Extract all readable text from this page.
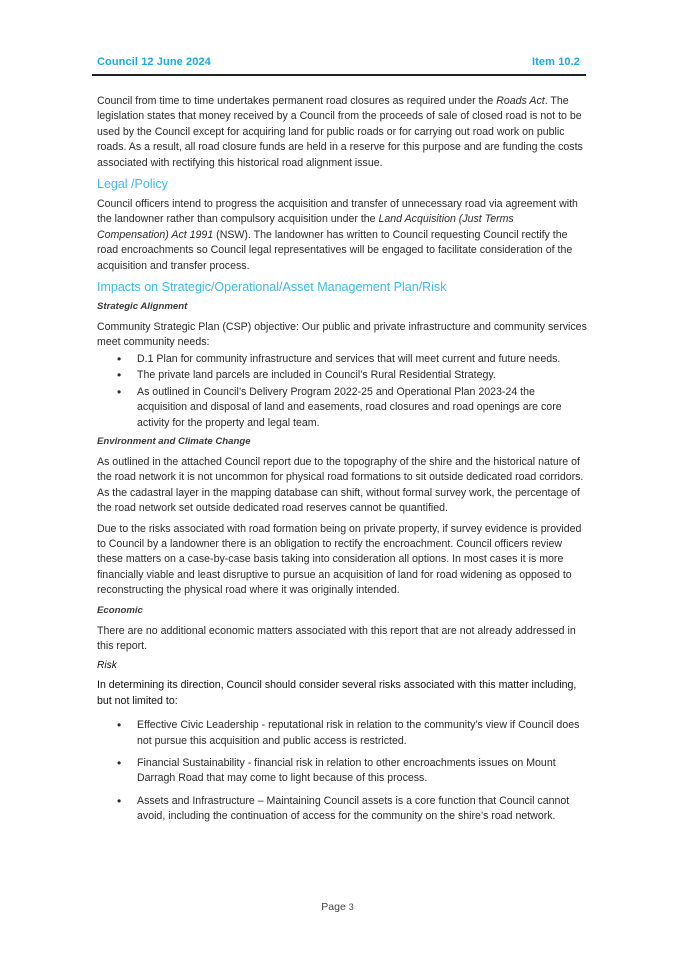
Council 12 June 2024	Item 10.2

Council from time to time undertakes permanent road closures as required under the Roads Act. The legislation states that money received by a Council from the proceeds of sale of closed road is not to be used by the Council except for acquiring land for public roads or for carrying out road work on public roads. As a result, all road closure funds are held in a reserve for this purpose and are funding the costs associated with rectifying this historical road alignment issue.

Legal /Policy

Council officers intend to progress the acquisition and transfer of unnecessary road via agreement with the landowner rather than compulsory acquisition under the Land Acquisition (Just Terms Compensation) Act 1991 (NSW). The landowner has written to Council requesting Council rectify the road encroachments so Council legal representatives will be engaged to facilitate consideration of the acquisition and transfer process.

Impacts on Strategic/Operational/Asset Management Plan/Risk
Strategic Alignment

Community Strategic Plan (CSP) objective: Our public and private infrastructure and community services meet community needs:

• D.1 Plan for community infrastructure and services that will meet current and future needs.
• The private land parcels are included in Council’s Rural Residential Strategy.
• As outlined in Council’s Delivery Program 2022-25 and Operational Plan 2023-24 the acquisition and disposal of land and easements, road closures and road openings are core activity for the property and legal team.
Environment and Climate Change

As outlined in the attached Council report due to the topography of the shire and the historical nature of the road network it is not uncommon for physical road formations to sit outside dedicated road corridors. As the cadastral layer in the mapping database can shift, without formal survey work, the percentage of the road network set outside dedicated road reserves cannot be quantified.

Due to the risks associated with road formation being on private property, if survey evidence is provided to Council by a landowner there is an obligation to rectify the encroachment. Council officers review these matters on a case-by-case basis taking into consideration all options. In most cases it is more financially viable and least disruptive to pursue an acquisition of land for road widening as opposed to reconstructing the physical road where it was originally intended.

Economic

There are no additional economic matters associated with this report that are not already addressed in this report.

Risk

In determining its direction, Council should consider several risks associated with this matter including, but not limited to:

• Effective Civic Leadership - reputational risk in relation to the community’s view if Council does not pursue this acquisition and public access is restricted.
• Financial Sustainability - financial risk in relation to other encroachments issues on Mount Darragh Road that may come to light because of this process.
• Assets and Infrastructure – Maintaining Council assets is a core function that Council cannot avoid, including the continuation of access for the community on the shire’s road network.
Page 3
